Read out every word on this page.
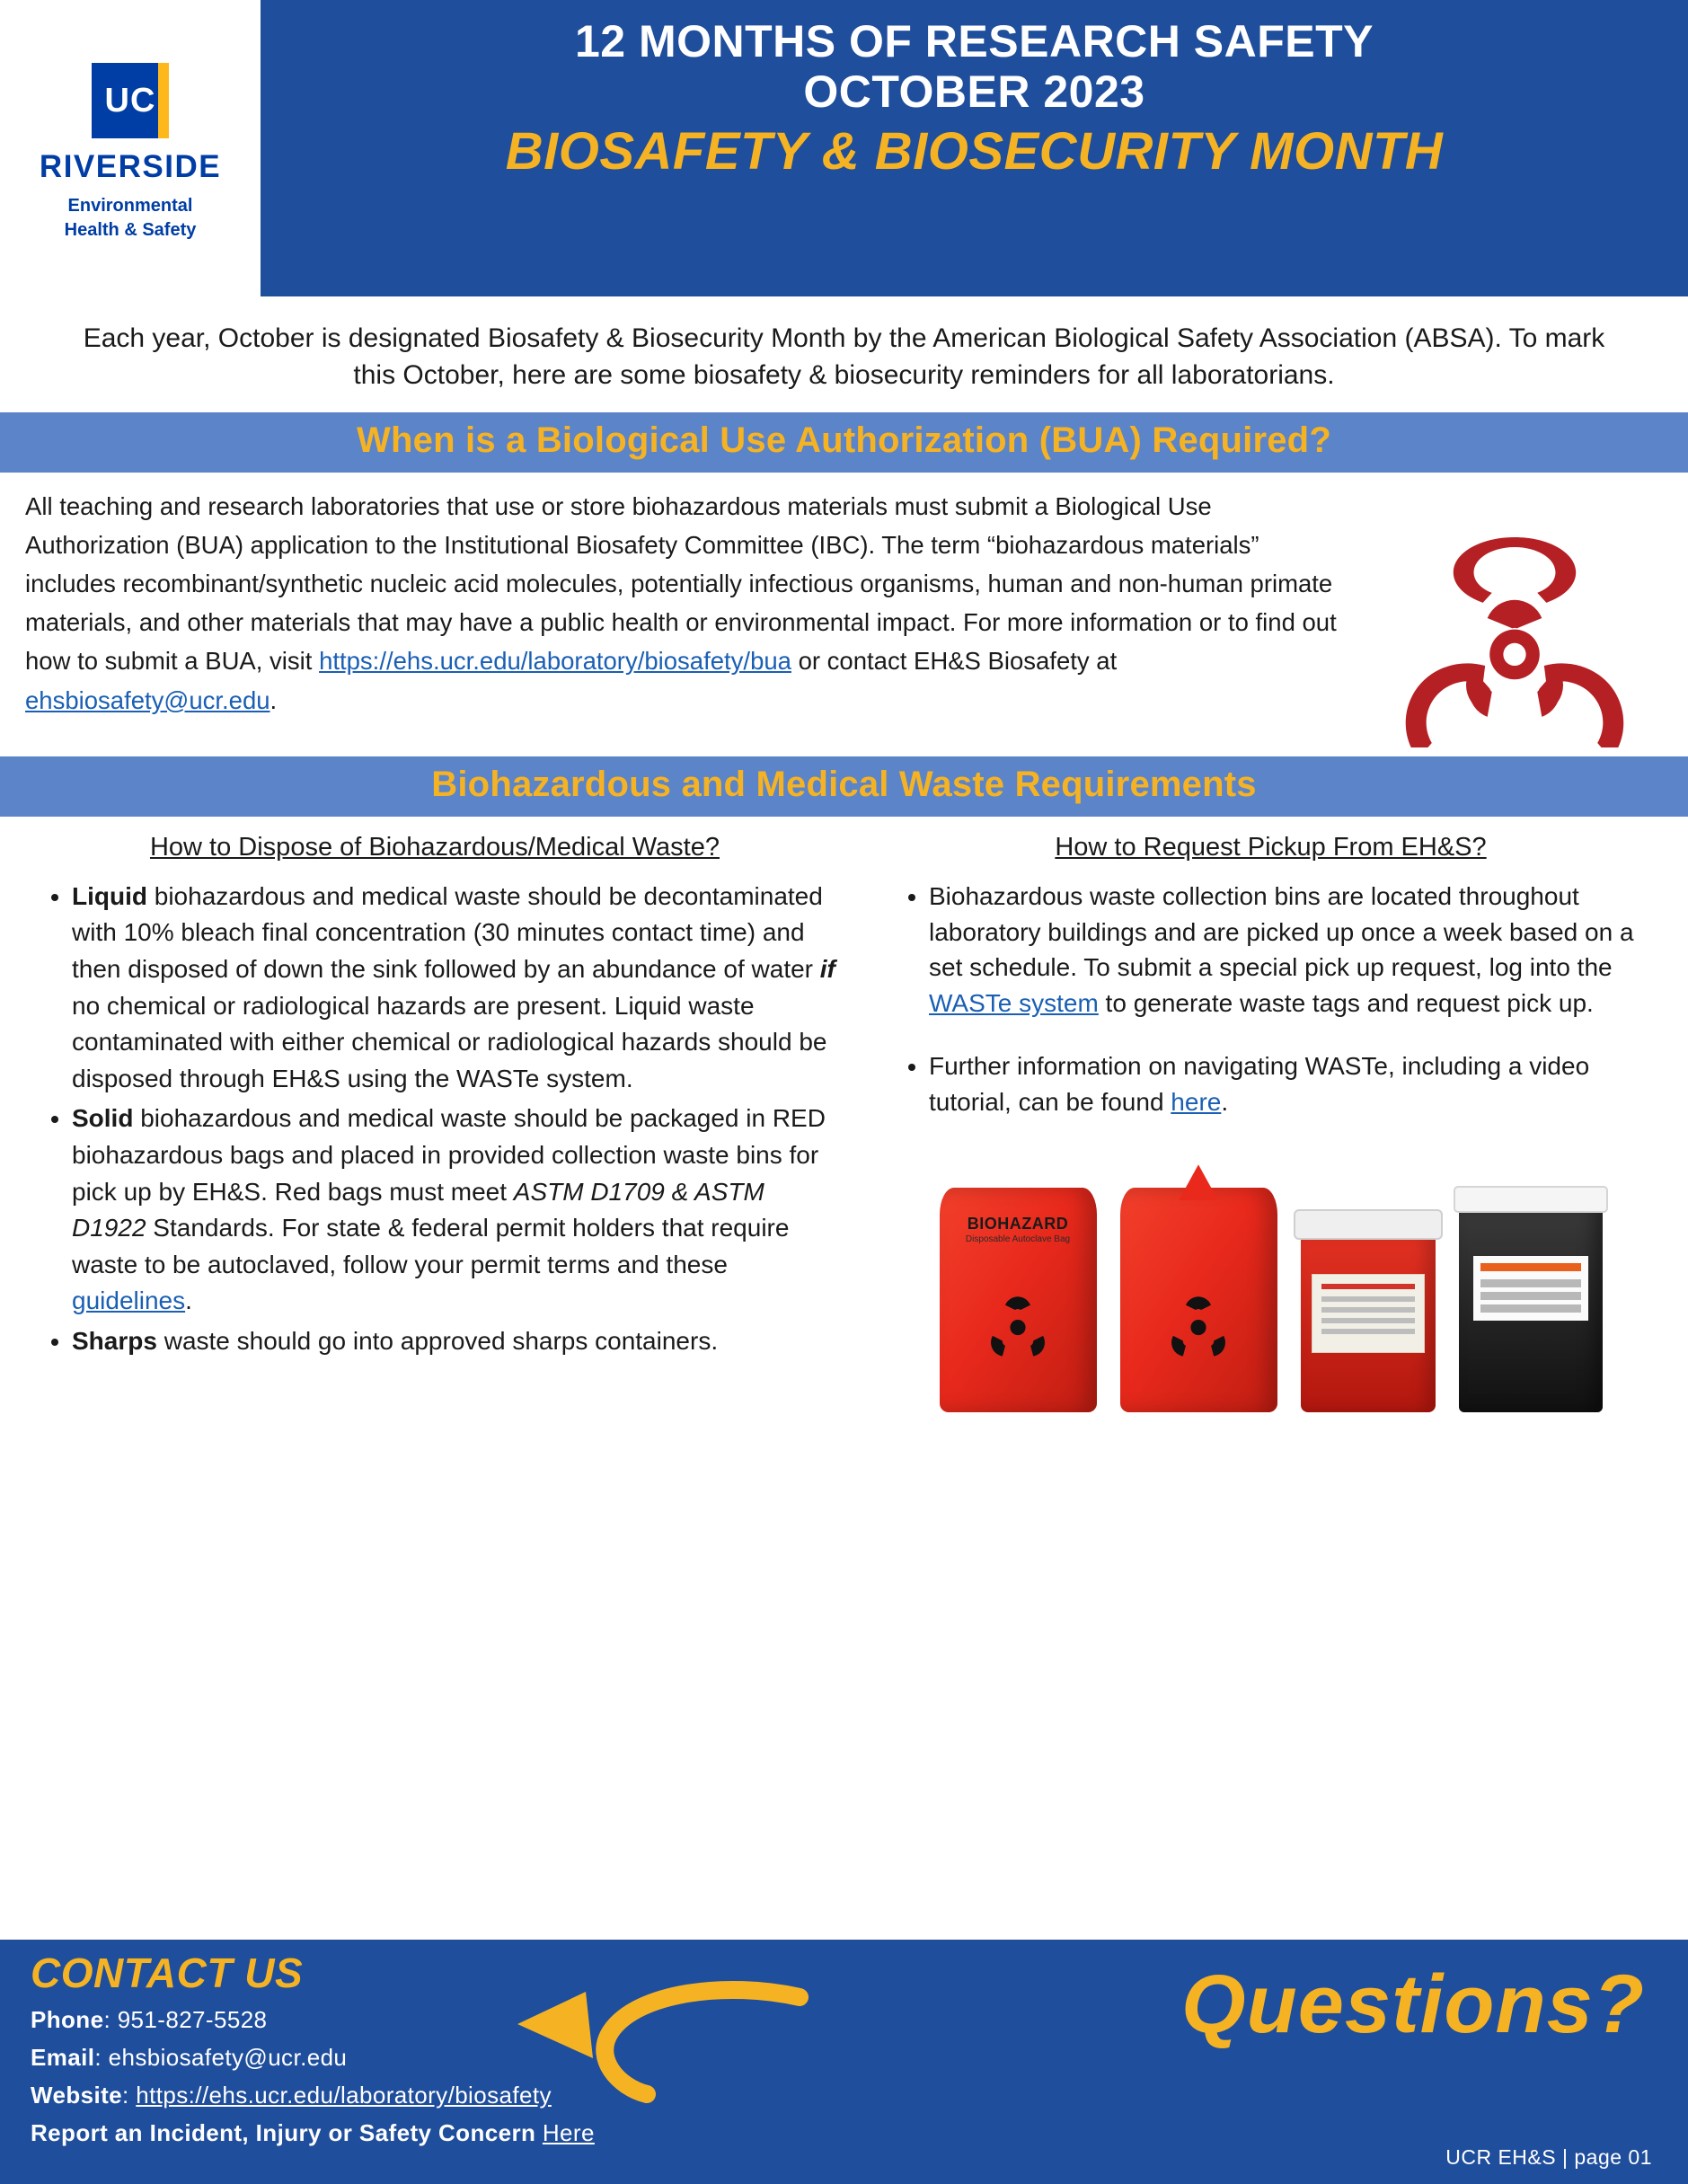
UC
RIVERSIDE
Environmental
Health & Safety
12 MONTHS OF RESEARCH SAFETY
OCTOBER 2023
BIOSAFETY & BIOSECURITY MONTH
Each year, October is designated Biosafety & Biosecurity Month by the American Biological Safety Association (ABSA). To mark this October, here are some biosafety & biosecurity reminders for all laboratorians.
When is a Biological Use Authorization (BUA) Required?
All teaching and research laboratories that use or store biohazardous materials must submit a Biological Use Authorization (BUA) application to the Institutional Biosafety Committee (IBC). The term “biohazardous materials” includes recombinant/synthetic nucleic acid molecules, potentially infectious organisms, human and non-human primate materials, and other materials that may have a public health or environmental impact. For more information or to find out how to submit a BUA, visit https://ehs.ucr.edu/laboratory/biosafety/bua or contact EH&S Biosafety at ehsbiosafety@ucr.edu.
Biohazardous and Medical Waste Requirements
How to Dispose of Biohazardous/Medical Waste?
• Liquid biohazardous and medical waste should be decontaminated with 10% bleach final concentration (30 minutes contact time) and then disposed of down the sink followed by an abundance of water if no chemical or radiological hazards are present. Liquid waste contaminated with either chemical or radiological hazards should be disposed through EH&S using the WASTe system.
• Solid biohazardous and medical waste should be packaged in RED biohazardous bags and placed in provided collection waste bins for pick up by EH&S. Red bags must meet ASTM D1709 & ASTM D1922 Standards. For state & federal permit holders that require waste to be autoclaved, follow your permit terms and these guidelines.
• Sharps waste should go into approved sharps containers.
How to Request Pickup From EH&S?
• Biohazardous waste collection bins are located throughout laboratory buildings and are picked up once a week based on a set schedule. To submit a special pick up request, log into the WASTe system to generate waste tags and request pick up.
• Further information on navigating WASTe, including a video tutorial, can be found here.
BIOHAZARD
Disposable Autoclave Bag
CONTACT US
Phone: 951-827-5528
Email: ehsbiosafety@ucr.edu
Website: https://ehs.ucr.edu/laboratory/biosafety
Report an Incident, Injury or Safety Concern Here
Questions?
UCR EH&S | page 01
